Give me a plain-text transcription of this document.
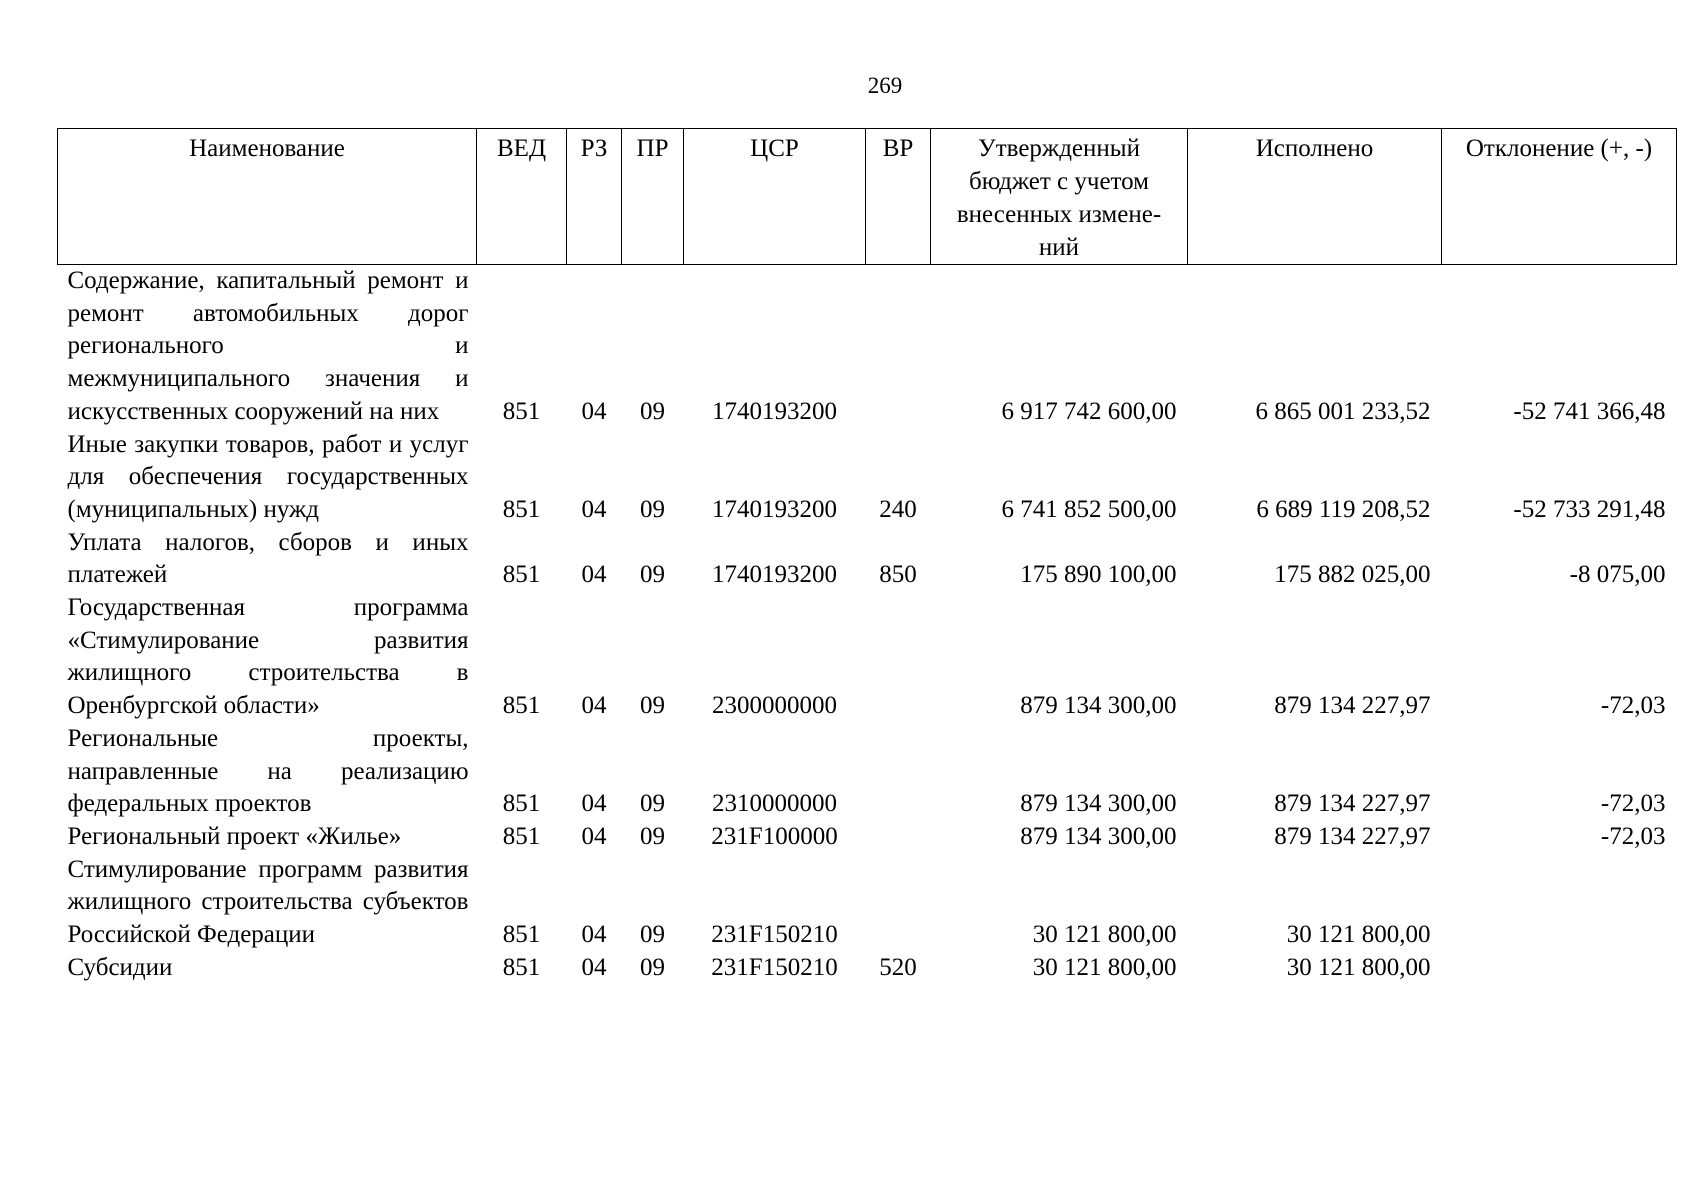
269
Наименование	ВЕД	РЗ	ПР	ЦСР	ВР	Утвержденный бюджет с учетом внесенных измене-ний	Исполнено	Отклонение (+, -)
Содержание, капитальный ремонт и ремонт автомобильных дорог регионального и межмуниципального значения и искусственных сооружений на них	851	04	09	1740193200		6 917 742 600,00	6 865 001 233,52	-52 741 366,48
Иные закупки товаров, работ и услуг для обеспечения государственных (муниципальных) нужд	851	04	09	1740193200	240	6 741 852 500,00	6 689 119 208,52	-52 733 291,48
Уплата налогов, сборов и иных платежей	851	04	09	1740193200	850	175 890 100,00	175 882 025,00	-8 075,00
Государственная программа «Стимулирование развития жилищного строительства в Оренбургской области»	851	04	09	2300000000		879 134 300,00	879 134 227,97	-72,03
Региональные проекты, направленные на реализацию федеральных проектов	851	04	09	2310000000		879 134 300,00	879 134 227,97	-72,03
Региональный проект «Жилье»	851	04	09	231F100000		879 134 300,00	879 134 227,97	-72,03
Стимулирование программ развития жилищного строительства субъектов Российской Федерации	851	04	09	231F150210		30 121 800,00	30 121 800,00	
Субсидии	851	04	09	231F150210	520	30 121 800,00	30 121 800,00	
